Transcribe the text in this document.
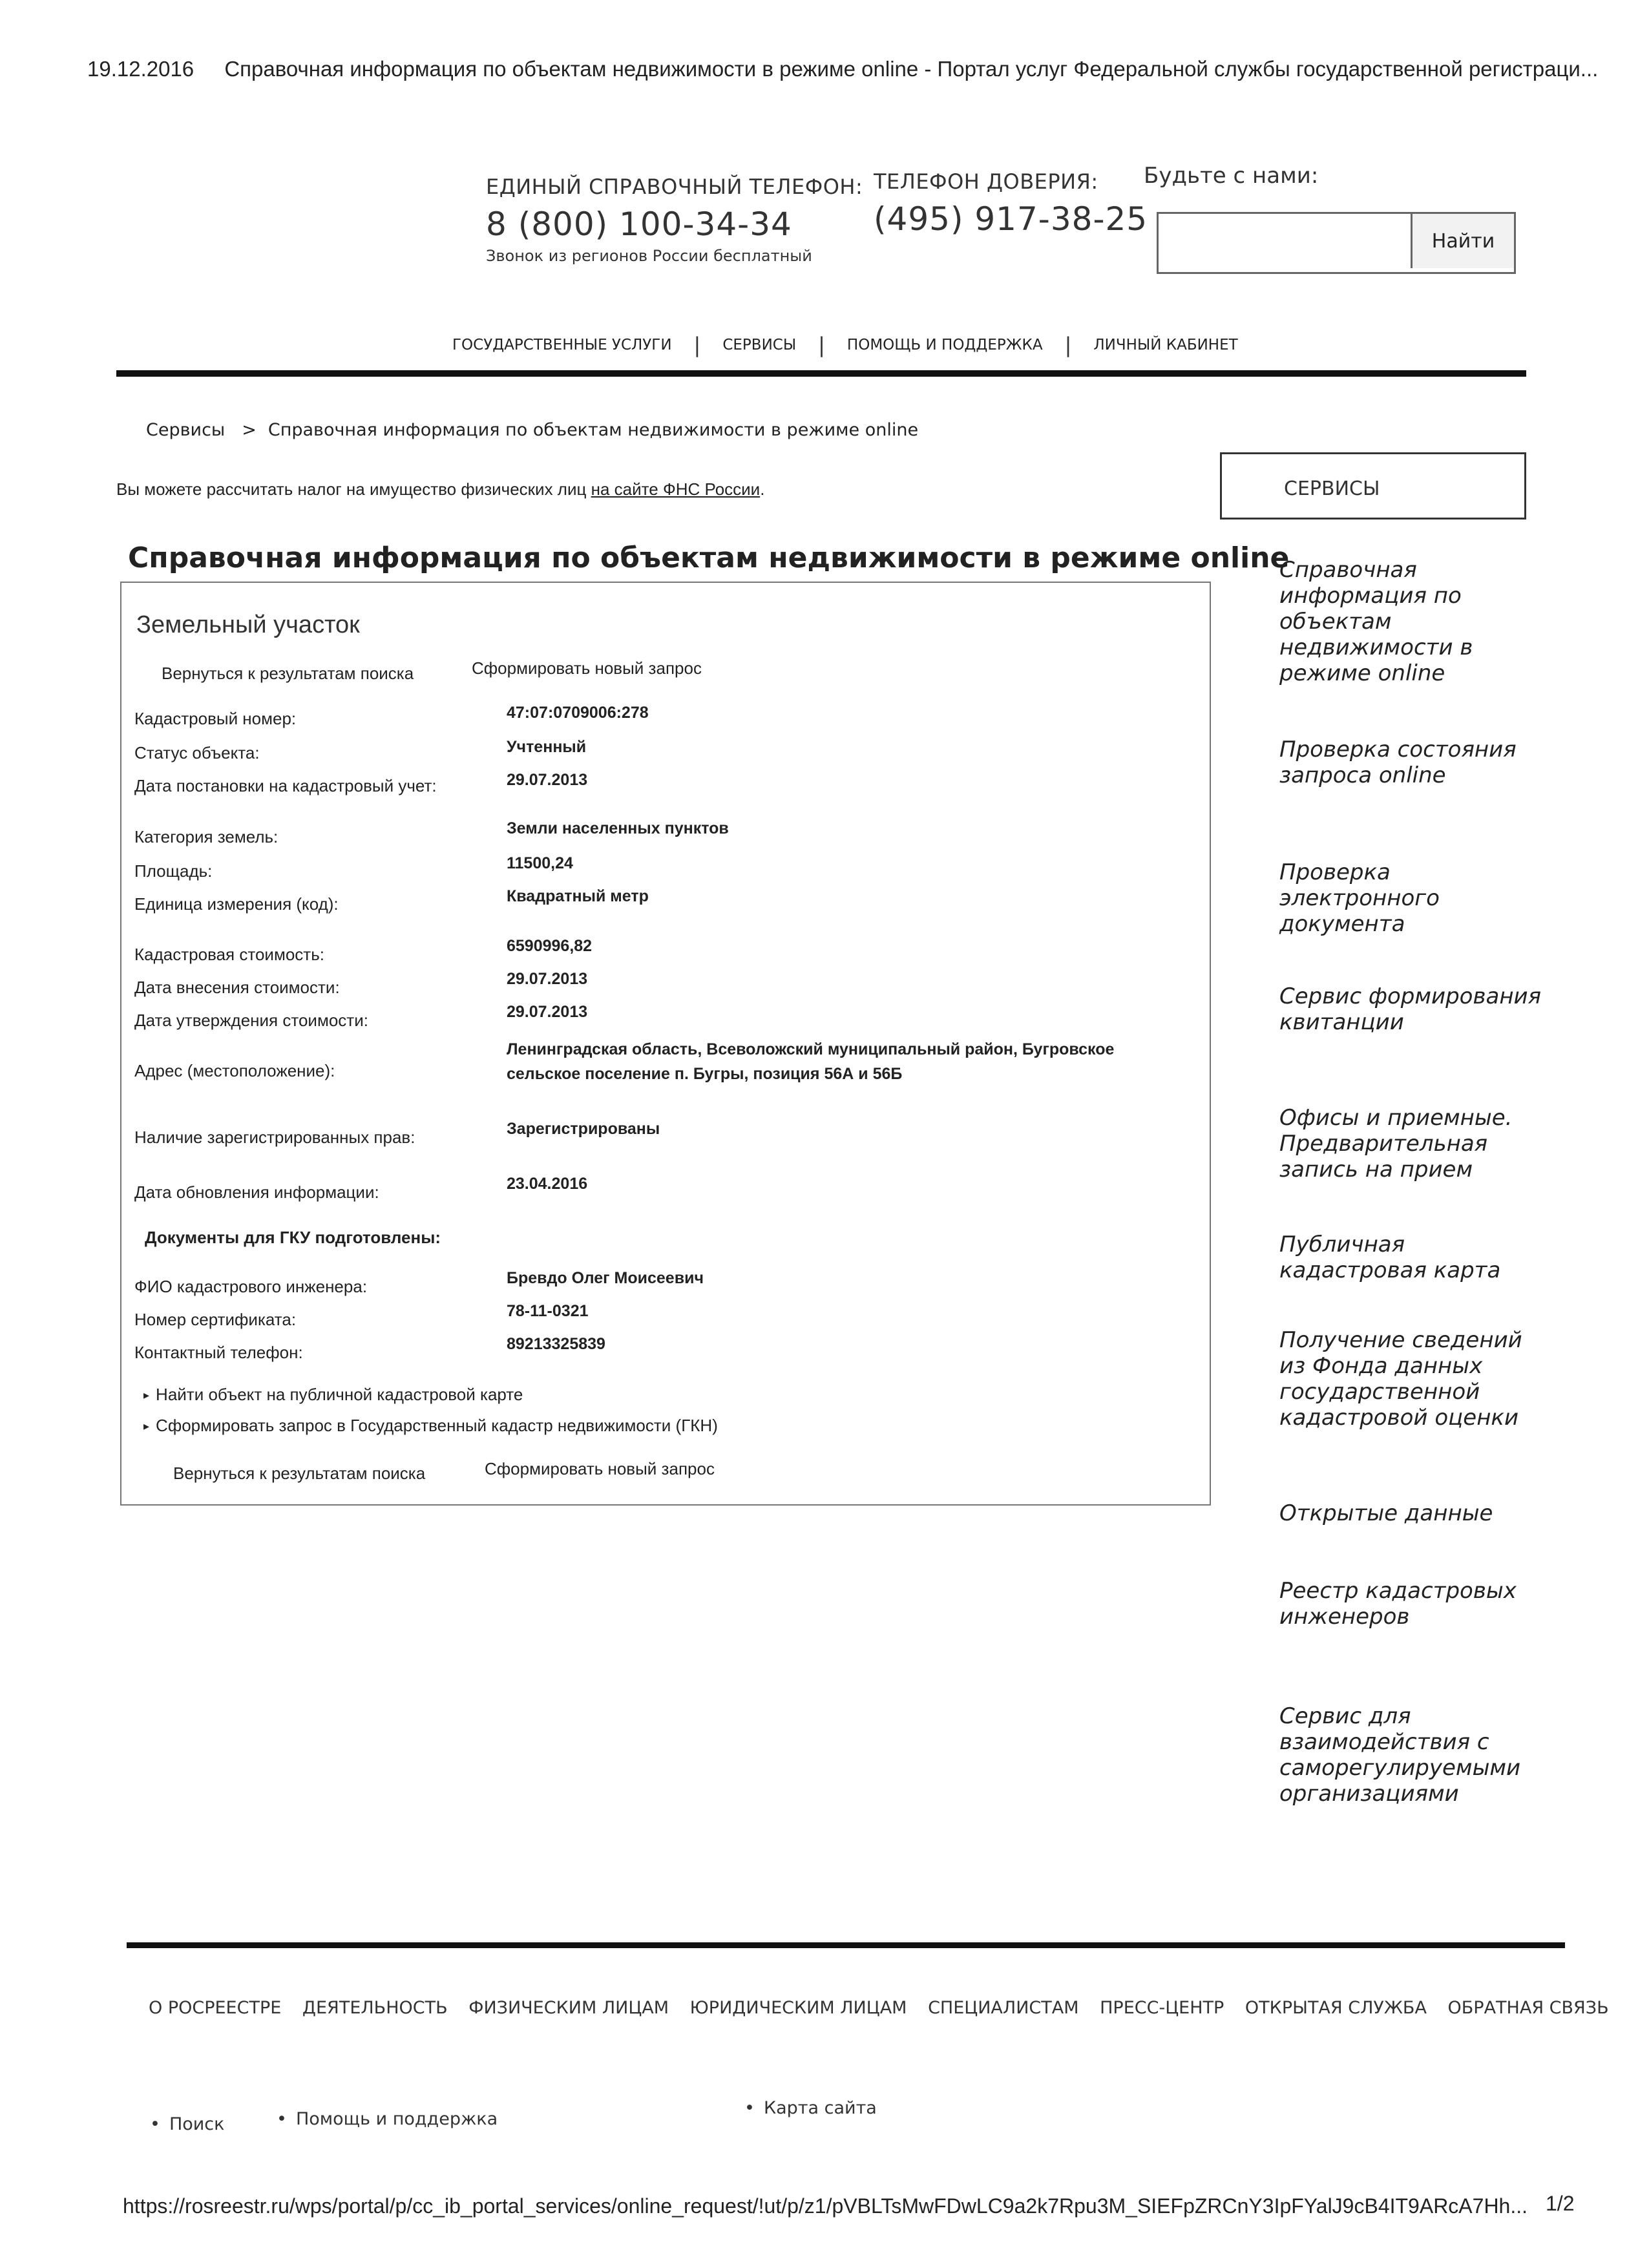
19.12.2016 Справочная информация по объектам недвижимости в режиме online - Портал услуг Федеральной службы государственной регистраци...
ЕДИНЫЙ СПРАВОЧНЫЙ ТЕЛЕФОН:
8 (800) 100-34-34
Звонок из регионов России бесплатный
ТЕЛЕФОН ДОВЕРИЯ:
(495) 917-38-25
Будьте с нами:
Найти
ГОСУДАРСТВЕННЫЕ УСЛУГИ | СЕРВИСЫ | ПОМОЩЬ И ПОДДЕРЖКА | ЛИЧНЫЙ КАБИНЕТ
Сервисы > Справочная информация по объектам недвижимости в режиме online
Вы можете рассчитать налог на имущество физических лиц на сайте ФНС России.	СЕРВИСЫ
Справочная информация по объектам недвижимости в режиме online
Земельный участок
Вернуться к результатам поиска	Сформировать новый запрос
Кадастровый номер:	47:07:0709006:278
Статус объекта:	Учтенный
Дата постановки на кадастровый учет:	29.07.2013
Категория земель:	Земли населенных пунктов
Площадь:	11500,24
Единица измерения (код):	Квадратный метр
Кадастровая стоимость:	6590996,82
Дата внесения стоимости:	29.07.2013
Дата утверждения стоимости:	29.07.2013
Адрес (местоположение):
Ленинградская область, Всеволожский муниципальный район, Бугровское
сельское поселение п. Бугры, позиция 56А и 56Б
Наличие зарегистрированных прав:	Зарегистрированы
Дата обновления информации:	23.04.2016
Документы для ГКУ подготовлены:
ФИО кадастрового инженера:	Бревдо Олег Моисеевич
Номер сертификата:	78-11-0321
Контактный телефон:	89213325839
▸ Найти объект на публичной кадастровой карте
▸ Сформировать запрос в Государственный кадастр недвижимости (ГКН)
Вернуться к результатам поиска	Сформировать новый запрос
Справочная информация по объектам недвижимости в режиме online
Проверка состояния запроса online
Проверка электронного документа
Сервис формирования квитанции
Офисы и приемные. Предварительная запись на прием
Публичная кадастровая карта
Получение сведений из Фонда данных государственной кадастровой оценки
Открытые данные
Реестр кадастровых инженеров
Сервис для взаимодействия с саморегулируемыми организациями
О РОСРЕЕСТРЕ ДЕЯТЕЛЬНОСТЬ ФИЗИЧЕСКИМ ЛИЦАМ ЮРИДИЧЕСКИМ ЛИЦАМ СПЕЦИАЛИСТАМ ПРЕСС-ЦЕНТР ОТКРЫТАЯ СЛУЖБА ОБРАТНАЯ СВЯЗЬ
• Поиск	• Помощь и поддержка
• Карта сайта
https://rosreestr.ru/wps/portal/p/cc_ib_portal_services/online_request/!ut/p/z1/pVBLTsMwFDwLC9a2k7Rpu3M_SIEFpZRCnY3IpFYalJ9cB4IT9ARcA7Hh... 1/2
